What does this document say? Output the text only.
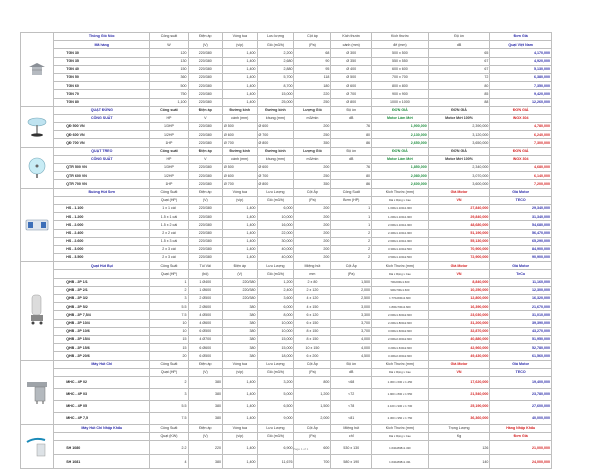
	Thông Gió Nóc	Công suất	Điện áp	Vòng tua	Lưu lượng	Cột áp	Kích thước	Kích thước	Độ ồn	Đơn Giá
	Mã hàng	W	(V)	(v/p)	Gió (m3/h)	(Pa)	cánh (mm)	đế (mm)	dB	Quạt Việt Nam
	TGN 30	120	220/380	1,400	2,200	68	Ø 300	500 x 500	65	4,170,000
	TGN 35	130	220/380	1,400	2,680	90	Ø 350	550 x 550	67	4,920,000
	TGN 40	150	220/380	1,400	2,880	95	Ø 400	600 x 600	67	5,130,000
	TGN 50	360	220/380	1,400	5,700	118	Ø 500	700 x 700	72	6,380,000
	TGN 60	500	220/380	1,400	8,700	180	Ø 600	800 x 800	80	7,350,000
	TGN 70	750	220/380	1,400	15,000	220	Ø 700	900 x 900	85	9,420,000
	TGN 80	1,100	220/380	1,400	25,000	250	Ø 800	1000 x 1000	88	12,260,000

	QUẠT ĐỨNG	Công suất	Điện áp	Đường kính	Đường kính	Lượng Gió	Độ ồn	ĐƠN GIÁ	ĐƠN GIÁ	ĐƠN GIÁ
	CÔNG SUẤT	HP	V	cánh (mm)	khung (mm)	m3/min	dB	Motor Làm Mới	Motor Mới 100%	INOX 304
	QĐ 500 VN	1/3HP	220/380	Ø 500	Ø 600	200	76	1,900,000	2,390,000	4,780,000
	QĐ 600 VN	1/2HP	220/380	Ø 600	Ø 700	250	80	2,130,000	3,120,000	6,240,000
	QĐ 700 VN	1HP	220/380	Ø 700	Ø 800	350	86	2,650,000	3,650,000	7,300,000

	QUẠT TREO	Công suất	Điện áp	Đường kính	Đường kính	Lượng Gió	Độ ồn	ĐƠN GIÁ	ĐƠN GIÁ	ĐƠN GIÁ
	CÔNG SUẤT	HP	V	cánh (mm)	khung (mm)	m3/min	dB	Motor Làm Mới	Motor Mới 100%	INOX 304
	QTR 500 VN	1/3HP	220/380	Ø 500	Ø 600	200	76	1,850,000	2,340,000	4,680,000
	QTR 600 VN	1/2HP	220/380	Ø 600	Ø 700	250	80	2,080,000	3,070,000	6,140,000
	QTR 700 VN	1HP	220/380	Ø 700	Ø 800	350	86	2,600,000	3,600,000	7,200,000

	Buồng Hút Sơn	Công Suất	Điện áp	Vòng tua	Lưu Lượng	Cột Áp	Công Suất	Kích Thước (mm)	Giá Motor	Giá Motor
		Quạt (HP)	(V)	(v/p)	Gió (m3/h)	(Pa)	Bơm (HP)	Dài x Rộng x Cao	VN	TECO
	HS - 1.100	1 x 1 cái	220/380	1,400	6,000	200	1	1.000x1.100x1.900	27,840,000	29,340,000
	HS - 1.200	1.5 x 1 cái	220/380	1,400	10,000	200	1	1.200x1.100x1.900	29,840,000	31,340,000
	HS - 2.000	1.5 x 2 cái	220/380	1,400	16,000	200	1	2.000x1.100x1.900	48,680,000	54,680,000
	HS - 2.400	2 x 2 cái	220/380	1,400	22,000	200	2	2.400x1.100x1.900	51,190,000	56,470,000
	HS - 2.600	1.5 x 3 cái	220/380	1,400	30,000	200	2	2.600x1.100x1.900	55,130,000	65,290,000
	HS - 3.000	2 x 3 cái	220/380	1,400	40,000	200	2	3.300x1.100x2.500	70,900,000	84,900,000
	HS - 3.500	2 x 3 cái	220/380	1,400	40,000	200	2	3.500x1.100x2.500	72,900,000	90,900,000

	Quạt Hút Bụi	Công Suất	Túi Vải	Điện áp	Lưu Lượng	Miệng hút	Cột Áp	Kích Thước (mm)	Giá Motor	Giá Motor
		Quạt (HP)	(bộ)	(V)	Gió (m3/h)	mm	(Pa)	Dài x Rộng x Cao	VN	TeCo
	QHB - 2P 1/1	1	1 Ø400	220/380	1,200	2 x 80	1,500	700x600x1.600	8,840,000	11,160,000
	QHB - 2P 2/1	2	1 Ø600	220/380	2,400	2 x 120	2,000	900x700x1.600	10,250,000	12,300,000
	QHB - 2P 3/2	3	2 Ø500	220/380	3,600	4 x 120	2,500	1.770x600x2.600	12,800,000	16,320,000
	QHB - 2P 5/2	5.5	2 Ø600	380	6,000	4 x 150	3,000	1.800x700x2.600	16,390,000	21,670,000
	QHB - 2P 7,5/4	7.5	4 Ø500	380	8,000	6 x 120	3,300	2.000x1.600x2.600	23,030,000	31,010,000
	QHB - 2P 10/4	10	4 Ø600	380	10,000	6 x 150	3,700	2.200x1.800x2.600	31,200,000	39,390,000
	QHB - 2P 10/6	10	6 Ø500	380	10,000	8 x 150	3,700	3.000x1.600x2.600	32,870,000	43,270,000
	QHB - 2P 15/4	15	4 Ø700	380	15,000	8 x 150	4,000	2.600x2.000x2.600	40,880,000	51,950,000
	QHB - 2P 15/6	15	6 Ø600	380	15,000	10 x 150	4,000	3.200x1.630x2.600	42,960,000	52,780,000
	QHB - 2P 20/6	20	6 Ø500	380	18,000	6 x 200	4,500	3.400x2.000x2.600	49,430,000	61,560,000

	Máy Hút Chỉ	Công Suất	Điện áp	Vòng tua	Lưu Lượng	Cột Áp	Độ ồn	Kích Thước (mm)	Giá Motor	Giá Motor
		Quạt (HP)	(V)	(v/p)	Gió (m3/h)	(Pa)	dB	Dài x Rộng x Cao	VN	TECO
	MHC - 4P 02	2	380	1,400	3,200	800	<68	1.300 x 600 x 1.450	17,620,000	19,400,000
	MHC - 4P 03	3	380	1,400	5,000	1,200	<72	1.900 x 800 x 1.550	21,540,000	23,780,000
	MHC - 4P 05	5.5	380	1,400	6,500	1,500	<78	2.100 x 900 x 1.700	25,190,000	27,600,000
	MHC - 4P 7,5	7.5	380	1,400	9,000	2,000	<81	2.300 x 950 x 1.750	36,360,000	40,000,000

	Máy Hút Chỉ Nhập Khẩu	Công Suất	Điện áp	Vòng tua	Lưu Lượng	Cột Áp	Miệng hút	Kích Thước (mm)	Trọng Lượng	Hàng Nhập Khẩu
		Quạt (KW)	(V)	(v/p)	Gió (m3/h)	(Pa)	chỉ	Dài x Rộng x Cao	Kg	Đơn Giá
	SH 1080	2.2	220	1,400	6,900	600	530 x 130	1.640x808x1.430	126	21,000,000
	SH 1081	4	380	1,400	11,676	700	580 x 190	1.640x808x1.431	140	24,000,000
Page 1 of 1
